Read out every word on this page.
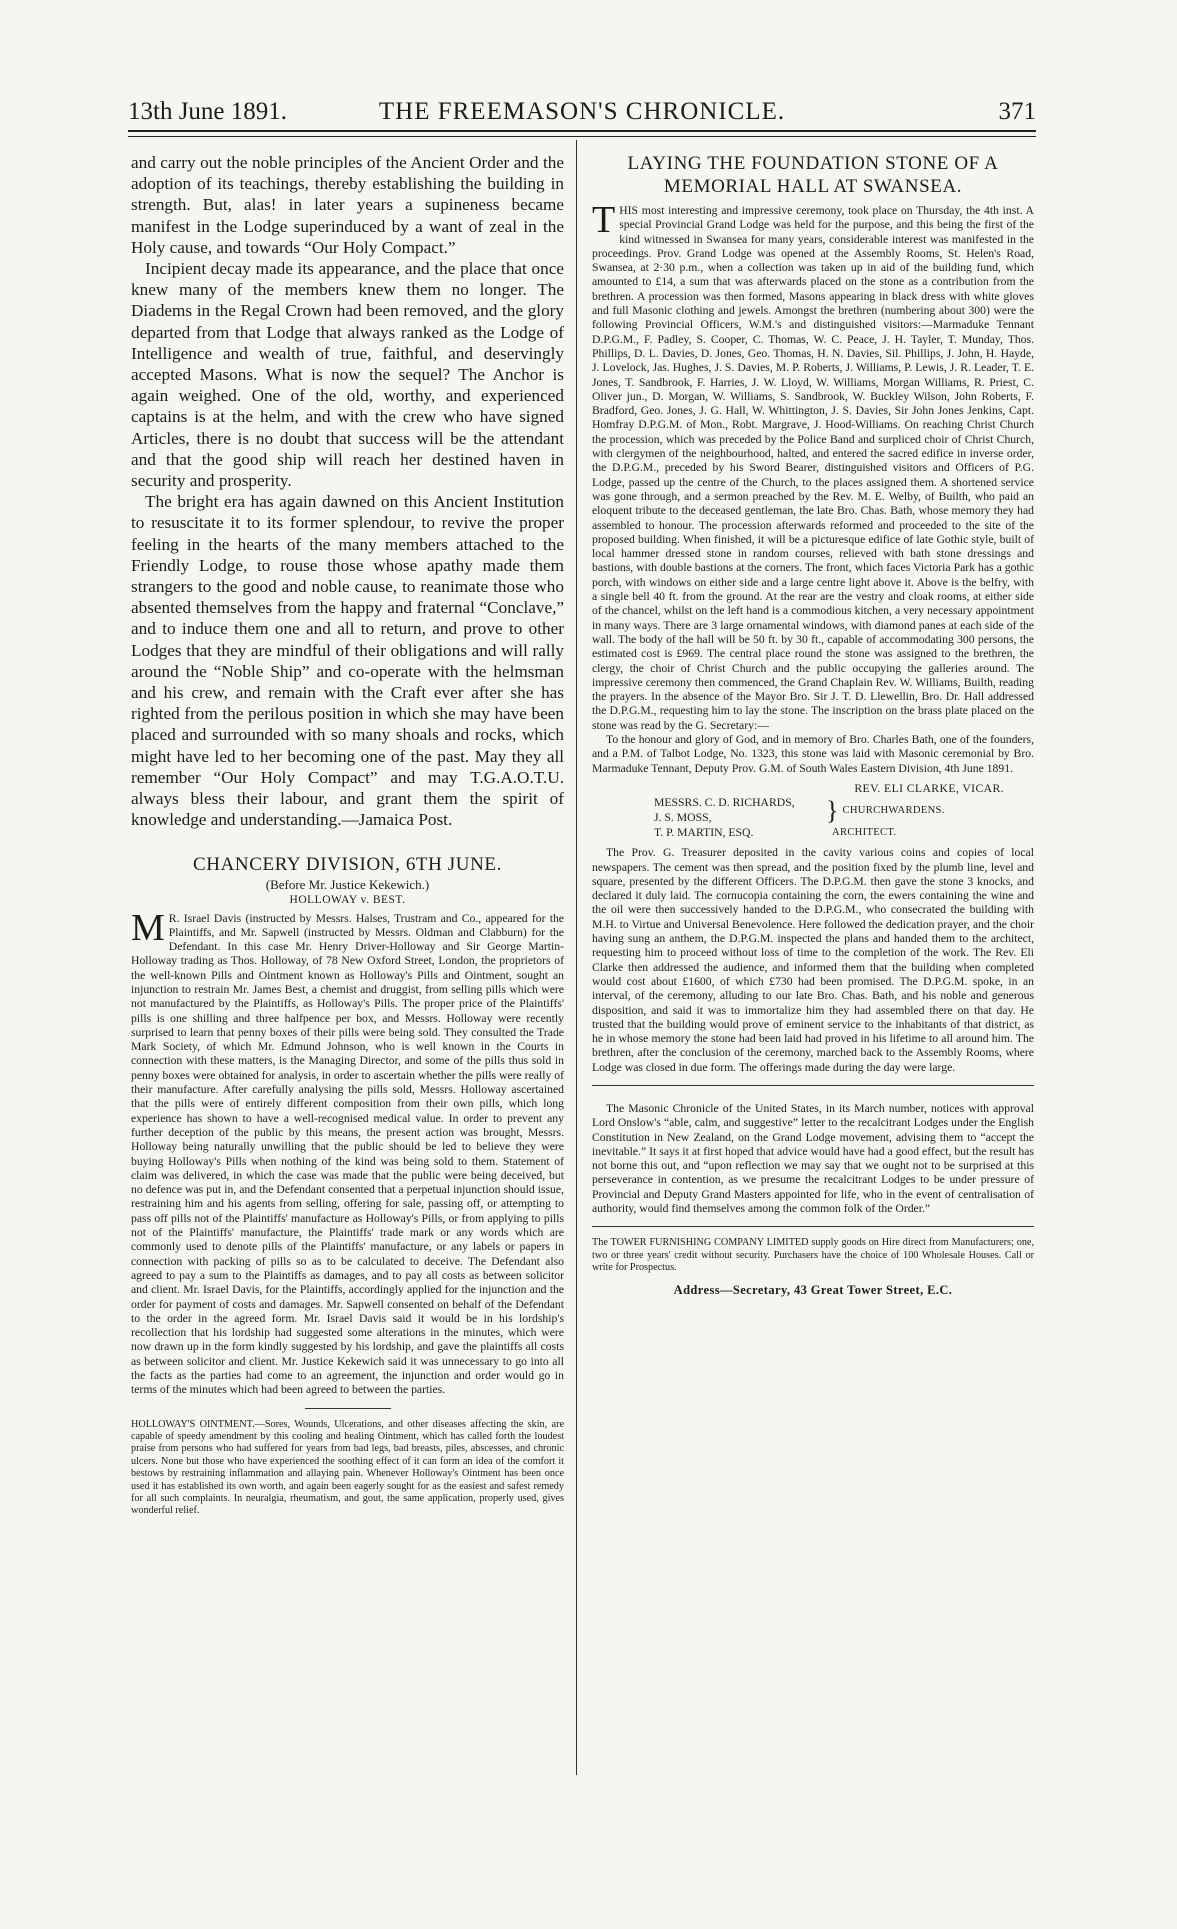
13th June 1891.	THE FREEMASON'S CHRONICLE.	371

and carry out the noble principles of the Ancient Order and the adoption of its teachings, thereby establishing the building in strength. But, alas! in later years a supineness became manifest in the Lodge superinduced by a want of zeal in the Holy cause, and towards “Our Holy Compact.”

Incipient decay made its appearance, and the place that once knew many of the members knew them no longer. The Diadems in the Regal Crown had been removed, and the glory departed from that Lodge that always ranked as the Lodge of Intelligence and wealth of true, faithful, and deservingly accepted Masons. What is now the sequel? The Anchor is again weighed. One of the old, worthy, and experienced captains is at the helm, and with the crew who have signed Articles, there is no doubt that success will be the attendant and that the good ship will reach her destined haven in security and prosperity.

The bright era has again dawned on this Ancient Institution to resuscitate it to its former splendour, to revive the proper feeling in the hearts of the many members attached to the Friendly Lodge, to rouse those whose apathy made them strangers to the good and noble cause, to reanimate those who absented themselves from the happy and fraternal “Conclave,” and to induce them one and all to return, and prove to other Lodges that they are mindful of their obligations and will rally around the “Noble Ship” and co-operate with the helmsman and his crew, and remain with the Craft ever after she has righted from the perilous position in which she may have been placed and surrounded with so many shoals and rocks, which might have led to her becoming one of the past. May they all remember “Our Holy Compact” and may T.G.A.O.T.U. always bless their labour, and grant them the spirit of knowledge and understanding.—Jamaica Post.

CHANCERY DIVISION, 6TH JUNE.
(Before Mr. Justice Kekewich.)
HOLLOWAY v. BEST.

M R. Israel Davis (instructed by Messrs. Halses, Trustram and Co., appeared for the Plaintiffs, and Mr. Sapwell (instructed by Messrs. Oldman and Clabburn) for the Defendant. In this case Mr. Henry Driver-Holloway and Sir George Martin-Holloway trading as Thos. Holloway, of 78 New Oxford Street, London, the proprietors of the well-known Pills and Ointment known as Holloway's Pills and Ointment, sought an injunction to restrain Mr. James Best, a chemist and druggist, from selling pills which were not manufactured by the Plaintiffs, as Holloway's Pills. The proper price of the Plaintiffs' pills is one shilling and three halfpence per box, and Messrs. Holloway were recently surprised to learn that penny boxes of their pills were being sold. They consulted the Trade Mark Society, of which Mr. Edmund Johnson, who is well known in the Courts in connection with these matters, is the Managing Director, and some of the pills thus sold in penny boxes were obtained for analysis, in order to ascertain whether the pills were really of their manufacture. After carefully analysing the pills sold, Messrs. Holloway ascertained that the pills were of entirely different composition from their own pills, which long experience has shown to have a well-recognised medical value. In order to prevent any further deception of the public by this means, the present action was brought, Messrs. Holloway being naturally unwilling that the public should be led to believe they were buying Holloway's Pills when nothing of the kind was being sold to them. Statement of claim was delivered, in which the case was made that the public were being deceived, but no defence was put in, and the Defendant consented that a perpetual injunction should issue, restraining him and his agents from selling, offering for sale, passing off, or attempting to pass off pills not of the Plaintiffs' manufacture as Holloway's Pills, or from applying to pills not of the Plaintiffs' manufacture, the Plaintiffs' trade mark or any words which are commonly used to denote pills of the Plaintiffs' manufacture, or any labels or papers in connection with packing of pills so as to be calculated to deceive. The Defendant also agreed to pay a sum to the Plaintiffs as damages, and to pay all costs as between solicitor and client. Mr. Israel Davis, for the Plaintiffs, accordingly applied for the injunction and the order for payment of costs and damages. Mr. Sapwell consented on behalf of the Defendant to the order in the agreed form. Mr. Israel Davis said it would be in his lordship's recollection that his lordship had suggested some alterations in the minutes, which were now drawn up in the form kindly suggested by his lordship, and gave the plaintiffs all costs as between solicitor and client. Mr. Justice Kekewich said it was unnecessary to go into all the facts as the parties had come to an agreement, the injunction and order would go in terms of the minutes which had been agreed to between the parties.

HOLLOWAY'S OINTMENT.—Sores, Wounds, Ulcerations, and other diseases affecting the skin, are capable of speedy amendment by this cooling and healing Ointment, which has called forth the loudest praise from persons who had suffered for years from bad legs, bad breasts, piles, abscesses, and chronic ulcers. None but those who have experienced the soothing effect of it can form an idea of the comfort it bestows by restraining inflammation and allaying pain. Whenever Holloway's Ointment has been once used it has established its own worth, and again been eagerly sought for as the easiest and safest remedy for all such complaints. In neuralgia, rheumatism, and gout, the same application, properly used, gives wonderful relief.

LAYING THE FOUNDATION STONE OF A MEMORIAL HALL AT SWANSEA.

THIS most interesting and impressive ceremony, took place on Thursday, the 4th inst. A special Provincial Grand Lodge was held for the purpose, and this being the first of the kind witnessed in Swansea for many years, considerable interest was manifested in the proceedings. Prov. Grand Lodge was opened at the Assembly Rooms, St. Helen's Road, Swansea, at 2·30 p.m., when a collection was taken up in aid of the building fund, which amounted to £14, a sum that was afterwards placed on the stone as a contribution from the brethren. A procession was then formed, Masons appearing in black dress with white gloves and full Masonic clothing and jewels. Amongst the brethren (numbering about 300) were the following Provincial Officers, W.M.'s and distinguished visitors:—Marmaduke Tennant D.P.G.M., F. Padley, S. Cooper, C. Thomas, W. C. Peace, J. H. Tayler, T. Munday, Thos. Phillips, D. L. Davies, D. Jones, Geo. Thomas, H. N. Davies, Sil. Phillips, J. John, H. Hayde, J. Lovelock, Jas. Hughes, J. S. Davies, M. P. Roberts, J. Williams, P. Lewis, J. R. Leader, T. E. Jones, T. Sandbrook, F. Harries, J. W. Lloyd, W. Williams, Morgan Williams, R. Priest, C. Oliver jun., D. Morgan, W. Williams, S. Sandbrook, W. Buckley Wilson, John Roberts, F. Bradford, Geo. Jones, J. G. Hall, W. Whittington, J. S. Davies, Sir John Jones Jenkins, Capt. Homfray D.P.G.M. of Mon., Robt. Margrave, J. Hood-Williams. On reaching Christ Church the procession, which was preceded by the Police Band and surpliced choir of Christ Church, with clergymen of the neighbourhood, halted, and entered the sacred edifice in inverse order, the D.P.G.M., preceded by his Sword Bearer, distinguished visitors and Officers of P.G. Lodge, passed up the centre of the Church, to the places assigned them. A shortened service was gone through, and a sermon preached by the Rev. M. E. Welby, of Builth, who paid an eloquent tribute to the deceased gentleman, the late Bro. Chas. Bath, whose memory they had assembled to honour. The procession afterwards reformed and proceeded to the site of the proposed building. When finished, it will be a picturesque edifice of late Gothic style, built of local hammer dressed stone in random courses, relieved with bath stone dressings and bastions, with double bastions at the corners. The front, which faces Victoria Park has a gothic porch, with windows on either side and a large centre light above it. Above is the belfry, with a single bell 40 ft. from the ground. At the rear are the vestry and cloak rooms, at either side of the chancel, whilst on the left hand is a commodious kitchen, a very necessary appointment in many ways. There are 3 large ornamental windows, with diamond panes at each side of the wall. The body of the hall will be 50 ft. by 30 ft., capable of accommodating 300 persons, the estimated cost is £969. The central place round the stone was assigned to the brethren, the clergy, the choir of Christ Church and the public occupying the galleries around. The impressive ceremony then commenced, the Grand Chaplain Rev. W. Williams, Builth, reading the prayers. In the absence of the Mayor Bro. Sir J. T. D. Llewellin, Bro. Dr. Hall addressed the D.P.G.M., requesting him to lay the stone. The inscription on the brass plate placed on the stone was read by the G. Secretary:—

To the honour and glory of God, and in memory of Bro. Charles Bath, one of the founders, and a P.M. of Talbot Lodge, No. 1323, this stone was laid with Masonic ceremonial by Bro. Marmaduke Tennant, Deputy Prov. G.M. of South Wales Eastern Division, 4th June 1891.

REV. ELI CLARKE, VICAR.
MESSRS. C. D. RICHARDS,
J. S. MOSS,	} CHURCHWARDENS.
T. P. MARTIN, ESQ.	ARCHITECT.

The Prov. G. Treasurer deposited in the cavity various coins and copies of local newspapers. The cement was then spread, and the position fixed by the plumb line, level and square, presented by the different Officers. The D.P.G.M. then gave the stone 3 knocks, and declared it duly laid. The cornucopia containing the corn, the ewers containing the wine and the oil were then successively handed to the D.P.G.M., who consecrated the building with M.H. to Virtue and Universal Benevolence. Here followed the dedication prayer, and the choir having sung an anthem, the D.P.G.M. inspected the plans and handed them to the architect, requesting him to proceed without loss of time to the completion of the work. The Rev. Eli Clarke then addressed the audience, and informed them that the building when completed would cost about £1600, of which £730 had been promised. The D.P.G.M. spoke, in an interval, of the ceremony, alluding to our late Bro. Chas. Bath, and his noble and generous disposition, and said it was to immortalize him they had assembled there on that day. He trusted that the building would prove of eminent service to the inhabitants of that district, as he in whose memory the stone had been laid had proved in his lifetime to all around him. The brethren, after the conclusion of the ceremony, marched back to the Assembly Rooms, where Lodge was closed in due form. The offerings made during the day were large.

The Masonic Chronicle of the United States, in its March number, notices with approval Lord Onslow's “able, calm, and suggestive” letter to the recalcitrant Lodges under the English Constitution in New Zealand, on the Grand Lodge movement, advising them to “accept the inevitable.” It says it at first hoped that advice would have had a good effect, but the result has not borne this out, and “upon reflection we may say that we ought not to be surprised at this perseverance in contention, as we presume the recalcitrant Lodges to be under pressure of Provincial and Deputy Grand Masters appointed for life, who in the event of centralisation of authority, would find themselves among the common folk of the Order.”

The TOWER FURNISHING COMPANY LIMITED supply goods on Hire direct from Manufacturers; one, two or three years' credit without security. Purchasers have the choice of 100 Wholesale Houses. Call or write for Prospectus.

Address—Secretary, 43 Great Tower Street, E.C.
